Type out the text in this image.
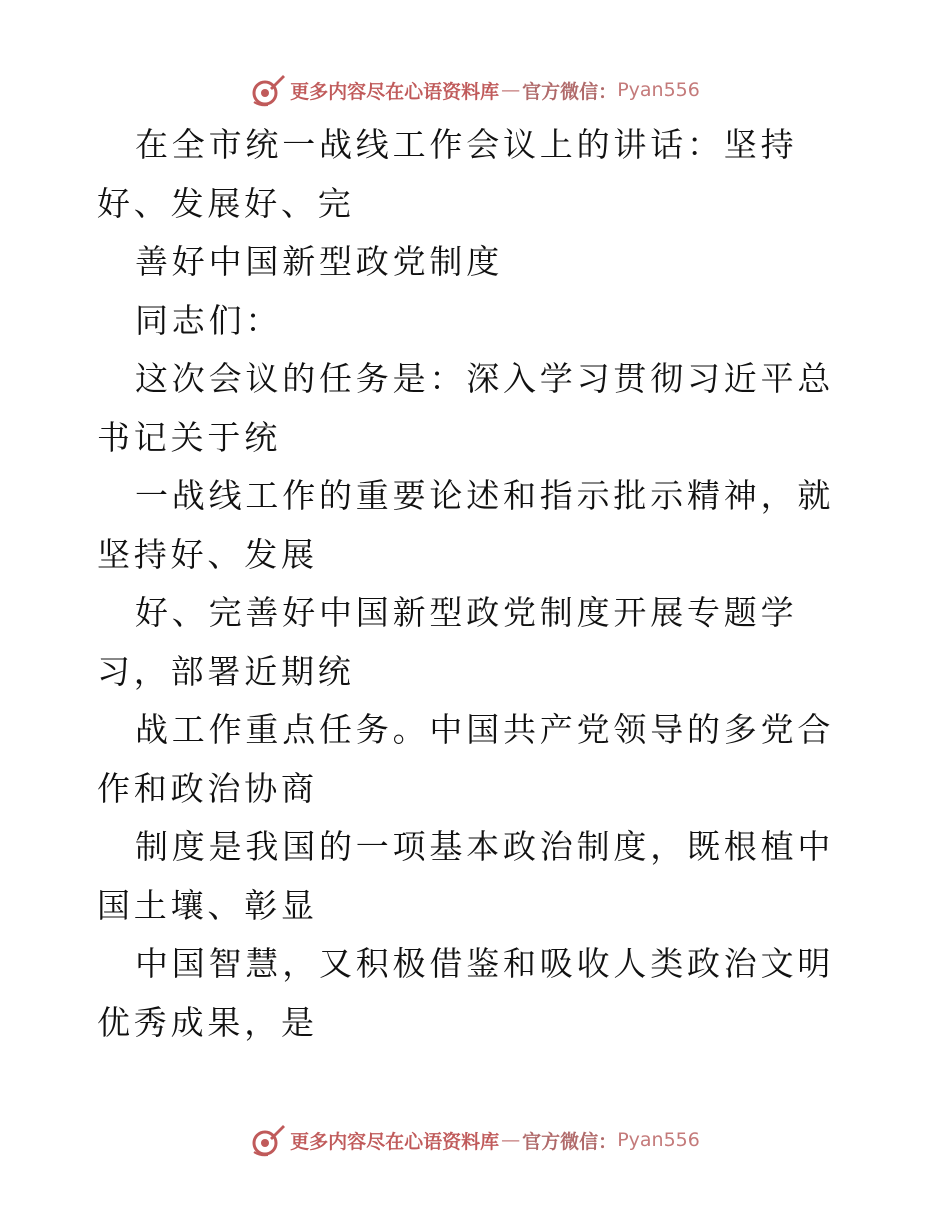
更多内容尽在心语资料库 — 官方微信： Pyan556

在全市统一战线工作会议上的讲话：坚持好、发展好、完

善好中国新型政党制度

同志们：

这次会议的任务是：深入学习贯彻习近平总书记关于统

一战线工作的重要论述和指示批示精神，就坚持好、发展

好、完善好中国新型政党制度开展专题学习，部署近期统

战工作重点任务。中国共产党领导的多党合作和政治协商

制度是我国的一项基本政治制度，既根植中国土壤、彰显

中国智慧，又积极借鉴和吸收人类政治文明优秀成果，是

更多内容尽在心语资料库 — 官方微信： Pyan556
